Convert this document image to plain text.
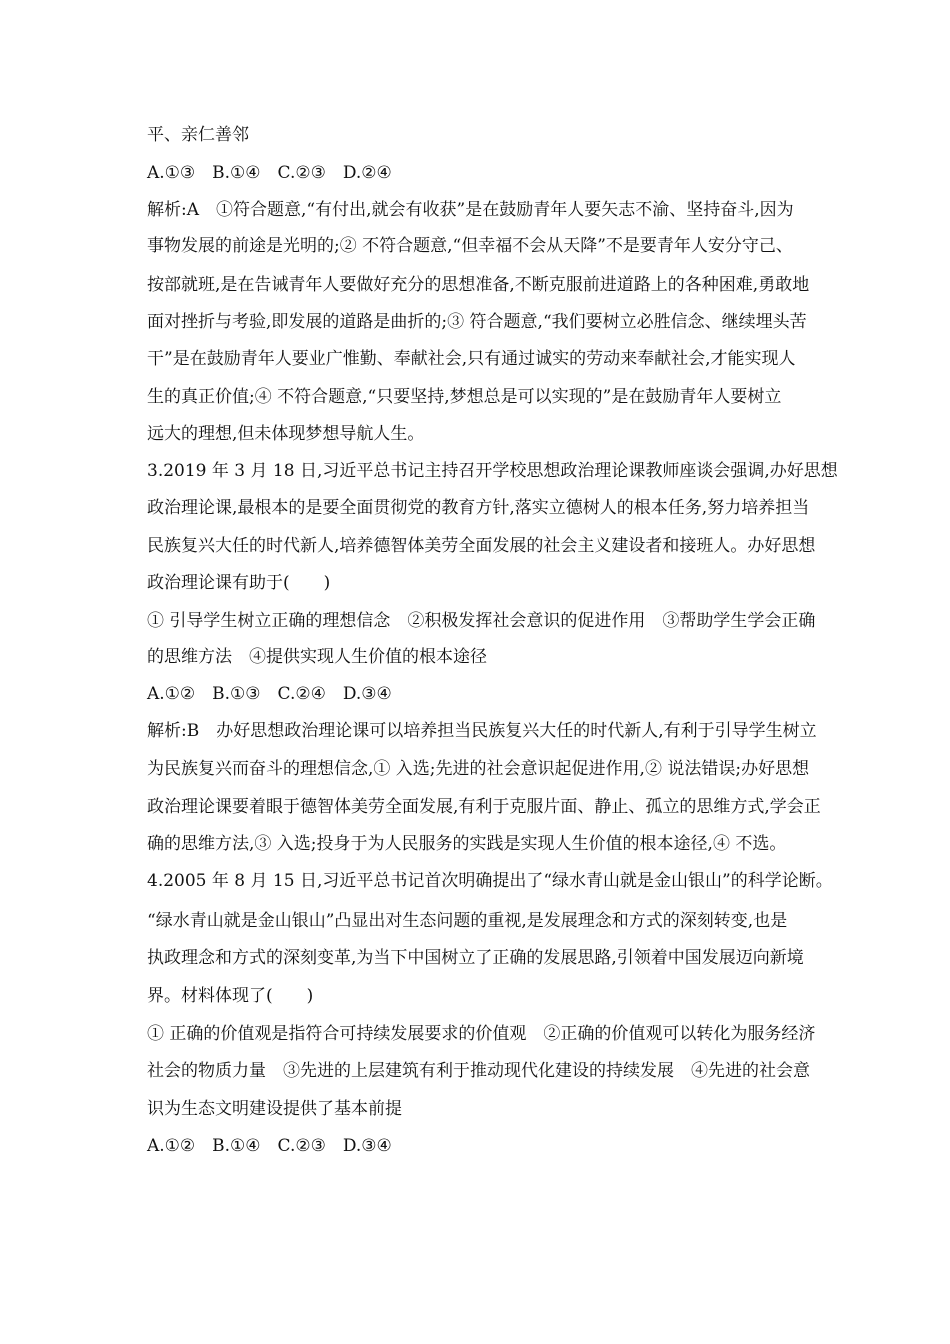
平、亲仁善邻
A.①③　B.①④　C.②③　D.②④
解析:A　①符合题意,“有付出,就会有收获”是在鼓励青年人要矢志不渝、坚持奋斗,因为
事物发展的前途是光明的;② 不符合题意,“但幸福不会从天降”不是要青年人安分守己、
按部就班,是在告诫青年人要做好充分的思想准备,不断克服前进道路上的各种困难,勇敢地
面对挫折与考验,即发展的道路是曲折的;③ 符合题意,“我们要树立必胜信念、继续埋头苦
干”是在鼓励青年人要业广惟勤、奉献社会,只有通过诚实的劳动来奉献社会,才能实现人
生的真正价值;④ 不符合题意,“只要坚持,梦想总是可以实现的”是在鼓励青年人要树立
远大的理想,但未体现梦想导航人生。
3.2019 年 3 月 18 日,习近平总书记主持召开学校思想政治理论课教师座谈会强调,办好思想
政治理论课,最根本的是要全面贯彻党的教育方针,落实立德树人的根本任务,努力培养担当
民族复兴大任的时代新人,培养德智体美劳全面发展的社会主义建设者和接班人。办好思想
政治理论课有助于(　　)
① 引导学生树立正确的理想信念　②积极发挥社会意识的促进作用　③帮助学生学会正确
的思维方法　④提供实现人生价值的根本途径
A.①②　B.①③　C.②④　D.③④
解析:B　办好思想政治理论课可以培养担当民族复兴大任的时代新人,有利于引导学生树立
为民族复兴而奋斗的理想信念,① 入选;先进的社会意识起促进作用,② 说法错误;办好思想
政治理论课要着眼于德智体美劳全面发展,有利于克服片面、静止、孤立的思维方式,学会正
确的思维方法,③ 入选;投身于为人民服务的实践是实现人生价值的根本途径,④ 不选。
4.2005 年 8 月 15 日,习近平总书记首次明确提出了“绿水青山就是金山银山”的科学论断。
“绿水青山就是金山银山”凸显出对生态问题的重视,是发展理念和方式的深刻转变,也是
执政理念和方式的深刻变革,为当下中国树立了正确的发展思路,引领着中国发展迈向新境
界。材料体现了(　　)
① 正确的价值观是指符合可持续发展要求的价值观　②正确的价值观可以转化为服务经济
社会的物质力量　③先进的上层建筑有利于推动现代化建设的持续发展　④先进的社会意
识为生态文明建设提供了基本前提
A.①②　B.①④　C.②③　D.③④
